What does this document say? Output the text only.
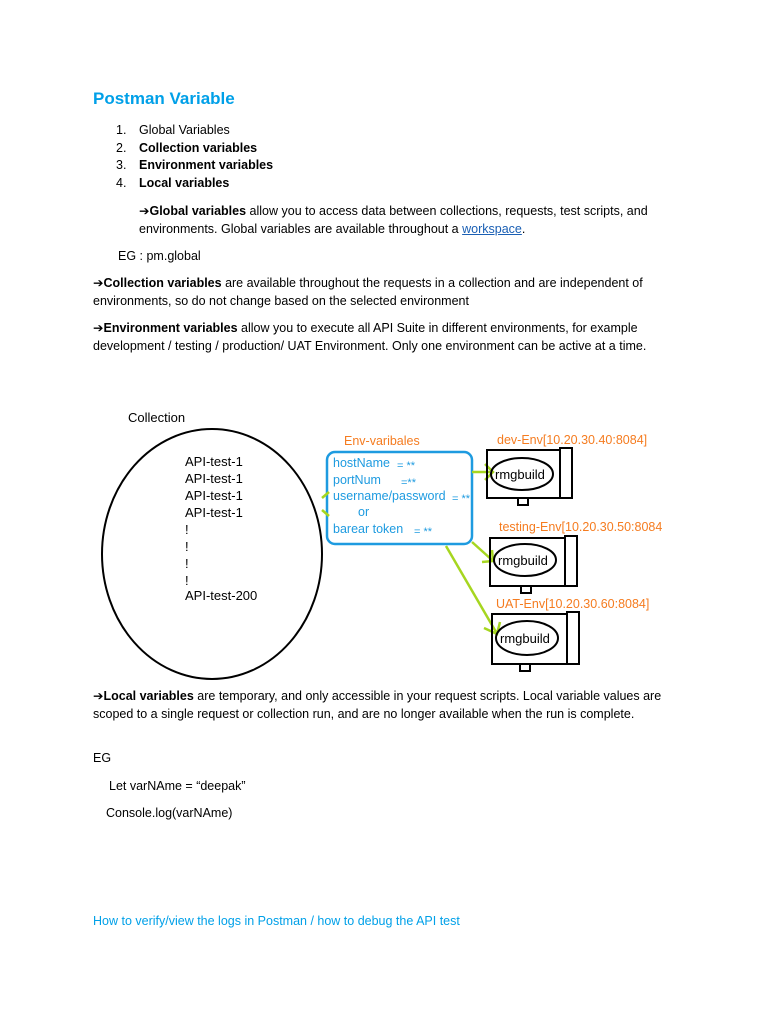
Postman Variable
1. Global Variables
2. Collection variables
3. Environment variables
4. Local variables

➔Global variables allow you to access data between collections, requests, test scripts, and environments. Global variables are available throughout a workspace.

EG : pm.global

➔Collection variables are available throughout the requests in a collection and are independent of environments, so do not change based on the selected environment

➔Environment variables allow you to execute all API Suite in different environments, for example development / testing / production/ UAT Environment. Only one environment can be active at a time.

Collection
API-test-1
API-test-1
API-test-1
API-test-1
!
!
!
!
API-test-200
Env-varibales
hostName = **
portNum =**
username/password = **
or
barear token = **
dev-Env[10.20.30.40:8084]
rmgbuild
testing-Env[10.20.30.50:8084
rmgbuild
UAT-Env[10.20.30.60:8084]
rmgbuild

➔Local variables are temporary, and only accessible in your request scripts. Local variable values are scoped to a single request or collection run, and are no longer available when the run is complete.

EG

Let varNAme = “deepak”

Console.log(varNAme)

How to verify/view the logs in Postman / how to debug the API test
